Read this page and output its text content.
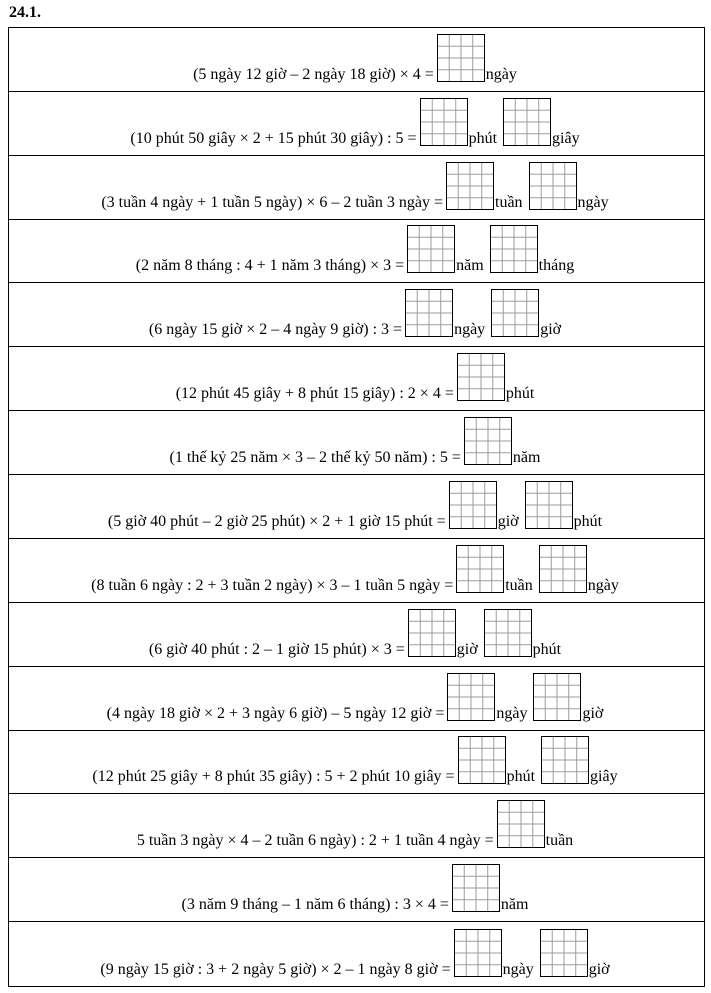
24.1.
(5 ngày 12 giờ – 2 ngày 18 giờ) × 4 =	ngày
(10 phút 50 giây × 2 + 15 phút 30 giây) : 5 =	phút	giây
(3 tuần 4 ngày + 1 tuần 5 ngày) × 6 – 2 tuần 3 ngày =	tuần	ngày
(2 năm 8 tháng : 4 + 1 năm 3 tháng) × 3 =	năm	tháng
(6 ngày 15 giờ × 2 – 4 ngày 9 giờ) : 3 =	ngày	giờ
(12 phút 45 giây + 8 phút 15 giây) : 2 × 4 =	phút
(1 thế kỷ 25 năm × 3 – 2 thế kỷ 50 năm) : 5 =	năm
(5 giờ 40 phút – 2 giờ 25 phút) × 2 + 1 giờ 15 phút =	giờ	phút
(8 tuần 6 ngày : 2 + 3 tuần 2 ngày) × 3 – 1 tuần 5 ngày =	tuần	ngày
(6 giờ 40 phút : 2 – 1 giờ 15 phút) × 3 =	giờ	phút
(4 ngày 18 giờ × 2 + 3 ngày 6 giờ) – 5 ngày 12 giờ =	ngày	giờ
(12 phút 25 giây + 8 phút 35 giây) : 5 + 2 phút 10 giây =	phút	giây
5 tuần 3 ngày × 4 – 2 tuần 6 ngày) : 2 + 1 tuần 4 ngày =	tuần
(3 năm 9 tháng – 1 năm 6 tháng) : 3 × 4 =	năm
(9 ngày 15 giờ : 3 + 2 ngày 5 giờ) × 2 – 1 ngày 8 giờ =	ngày	giờ
